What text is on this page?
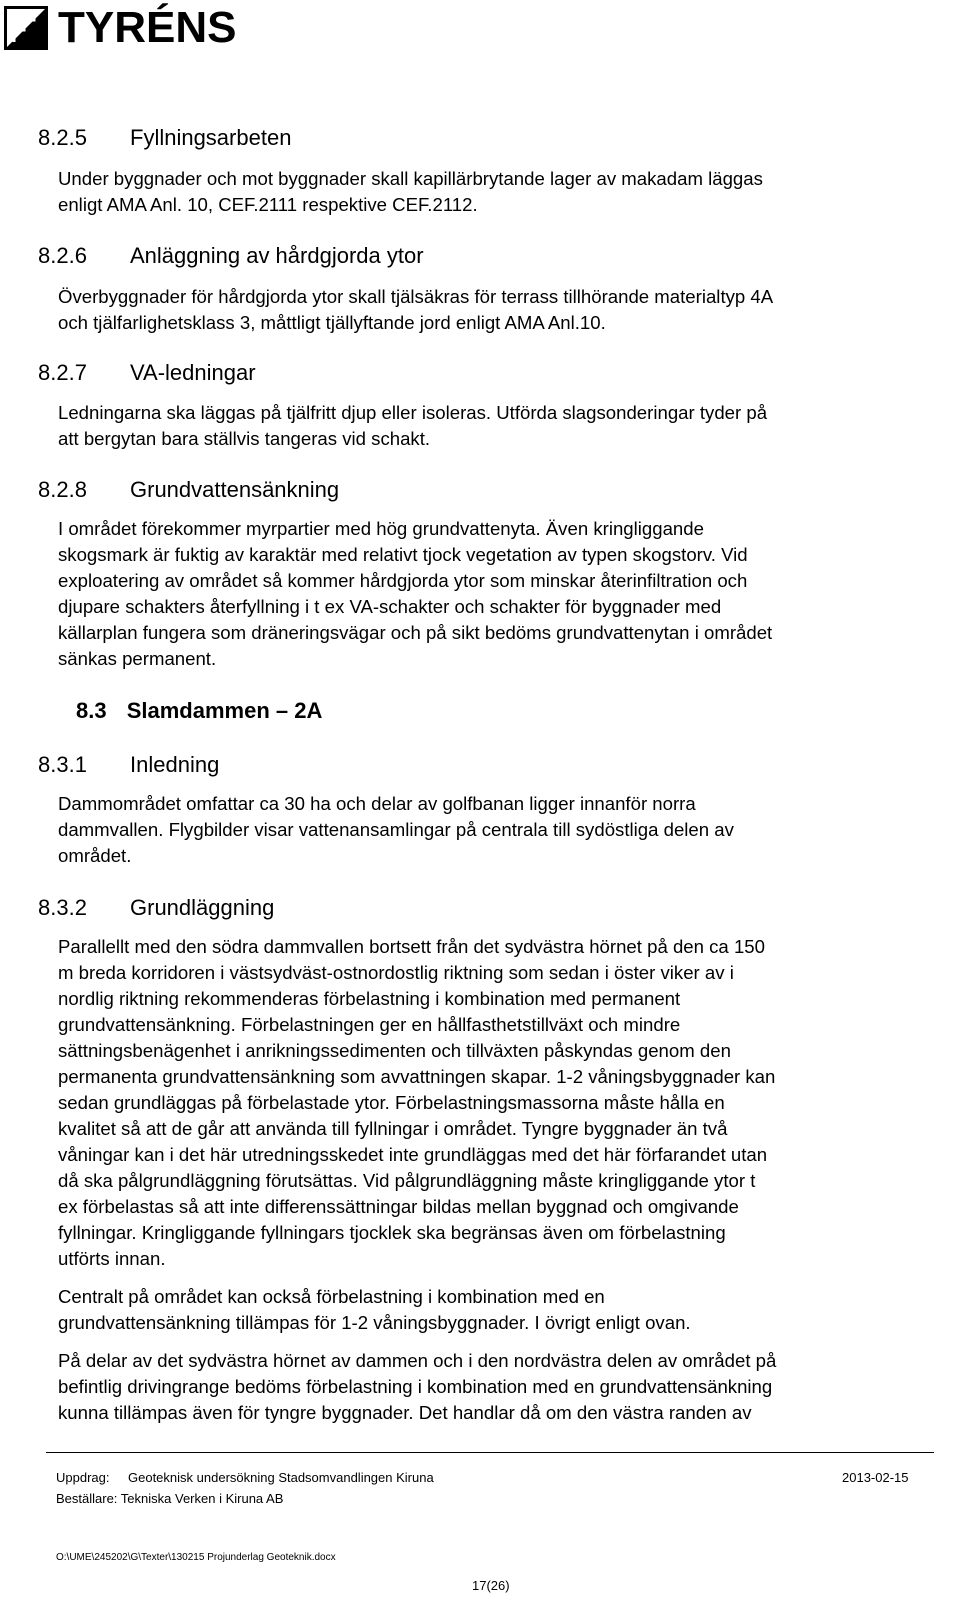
TYRÉNS
8.2.5 Fyllningsarbeten
Under byggnader och mot byggnader skall kapillärbrytande lager av makadam läggas
enligt AMA Anl. 10, CEF.2111 respektive CEF.2112.
8.2.6 Anläggning av hårdgjorda ytor
Överbyggnader för hårdgjorda ytor skall tjälsäkras för terrass tillhörande materialtyp 4A
och tjälfarlighetsklass 3, måttligt tjällyftande jord enligt AMA Anl.10.
8.2.7 VA-ledningar
Ledningarna ska läggas på tjälfritt djup eller isoleras. Utförda slagsonderingar tyder på
att bergytan bara ställvis tangeras vid schakt.
8.2.8 Grundvattensänkning
I området förekommer myrpartier med hög grundvattenyta. Även kringliggande
skogsmark är fuktig av karaktär med relativt tjock vegetation av typen skogstorv. Vid
exploatering av området så kommer hårdgjorda ytor som minskar återinfiltration och
djupare schakters återfyllning i t ex VA-schakter och schakter för byggnader med
källarplan fungera som dräneringsvägar och på sikt bedöms grundvattenytan i området
sänkas permanent.
8.3 Slamdammen – 2A
8.3.1 Inledning
Dammområdet omfattar ca 30 ha och delar av golfbanan ligger innanför norra
dammvallen. Flygbilder visar vattenansamlingar på centrala till sydöstliga delen av
området.
8.3.2 Grundläggning
Parallellt med den södra dammvallen bortsett från det sydvästra hörnet på den ca 150
m breda korridoren i västsydväst-ostnordostlig riktning som sedan i öster viker av i
nordlig riktning rekommenderas förbelastning i kombination med permanent
grundvattensänkning. Förbelastningen ger en hållfasthetstillväxt och mindre
sättningsbenägenhet i anrikningssedimenten och tillväxten påskyndas genom den
permanenta grundvattensänkning som avvattningen skapar. 1-2 våningsbyggnader kan
sedan grundläggas på förbelastade ytor. Förbelastningsmassorna måste hålla en
kvalitet så att de går att använda till fyllningar i området. Tyngre byggnader än två
våningar kan i det här utredningsskedet inte grundläggas med det här förfarandet utan
då ska pålgrundläggning förutsättas. Vid pålgrundläggning måste kringliggande ytor t
ex förbelastas så att inte differenssättningar bildas mellan byggnad och omgivande
fyllningar. Kringliggande fyllningars tjocklek ska begränsas även om förbelastning
utförts innan.
Centralt på området kan också förbelastning i kombination med en
grundvattensänkning tillämpas för 1-2 våningsbyggnader. I övrigt enligt ovan.
På delar av det sydvästra hörnet av dammen och i den nordvästra delen av området på
befintlig drivingrange bedöms förbelastning i kombination med en grundvattensänkning
kunna tillämpas även för tyngre byggnader. Det handlar då om den västra randen av
Uppdrag: Geoteknisk undersökning Stadsomvandlingen Kiruna	2013-02-15
Beställare: Tekniska Verken i Kiruna AB
O:\UME\245202\G\Texter\130215 Projunderlag Geoteknik.docx
17(26)
